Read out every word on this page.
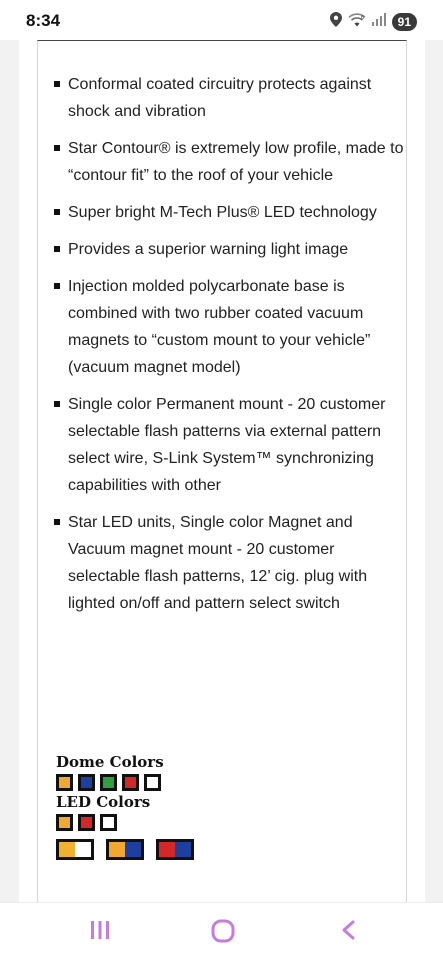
8:34	6	91
Conformal coated circuitry protects against shock and vibration
Star Contour® is extremely low profile, made to “contour fit” to the roof of your vehicle
Super bright M-Tech Plus® LED technology
Provides a superior warning light image
Injection molded polycarbonate base is combined with two rubber coated vacuum magnets to “custom mount to your vehicle” (vacuum magnet model)
Single color Permanent mount - 20 customer selectable flash patterns via external pattern select wire, S-Link System™ synchronizing capabilities with other
Star LED units, Single color Magnet and Vacuum magnet mount - 20 customer selectable flash patterns, 12’ cig. plug with lighted on/off and pattern select switch
Dome Colors
LED Colors
